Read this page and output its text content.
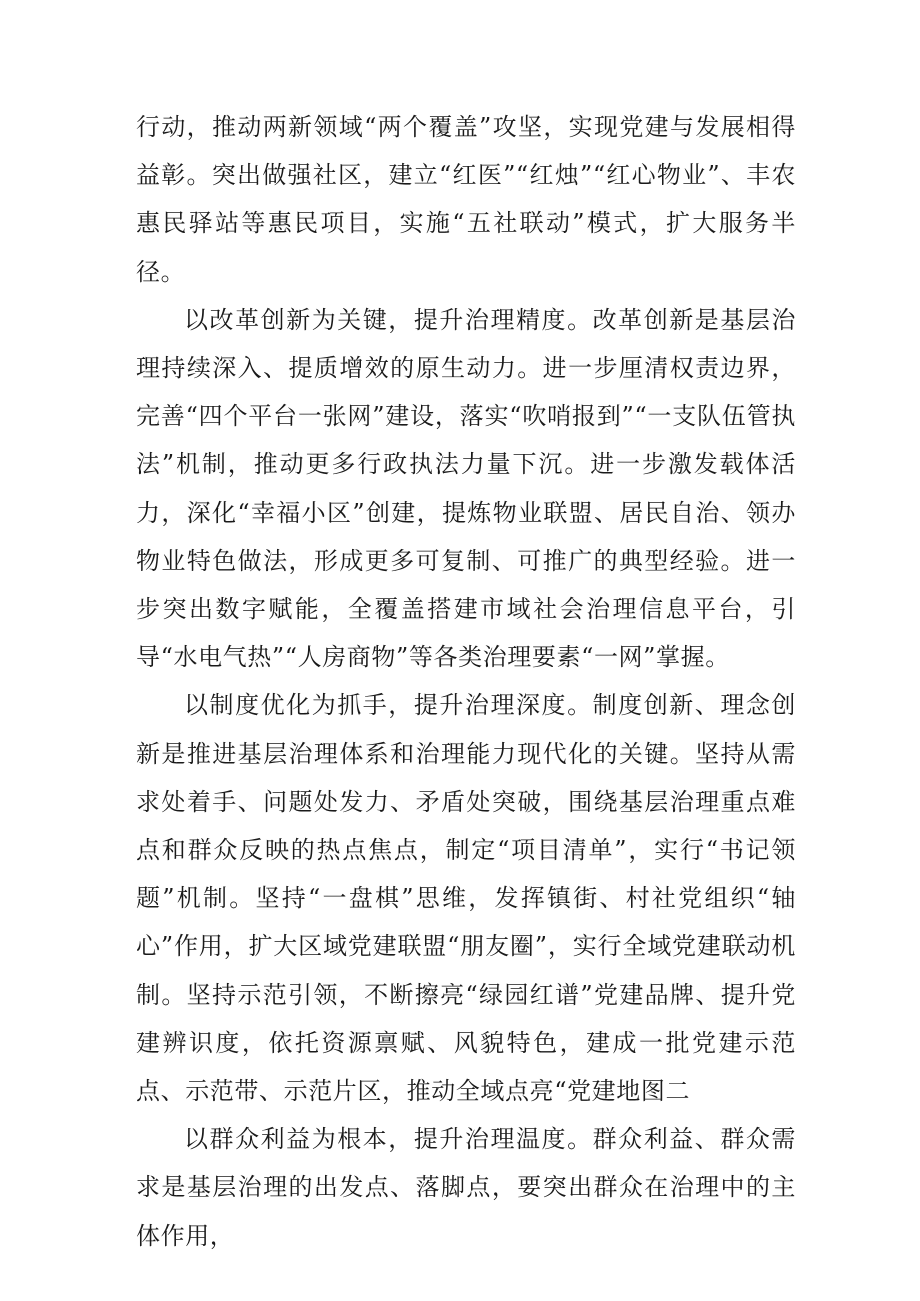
行动，推动两新领域“两个覆盖”攻坚，实现党建与发展相得益彰。突出做强社区，建立“红医”“红烛”“红心物业”、丰农惠民驿站等惠民项目，实施“五社联动”模式，扩大服务半径。

以改革创新为关键，提升治理精度。改革创新是基层治理持续深入、提质增效的原生动力。进一步厘清权责边界，完善“四个平台一张网”建设，落实“吹哨报到”“一支队伍管执法”机制，推动更多行政执法力量下沉。进一步激发载体活力，深化“幸福小区”创建，提炼物业联盟、居民自治、领办物业特色做法，形成更多可复制、可推广的典型经验。进一步突出数字赋能，全覆盖搭建市域社会治理信息平台，引导“水电气热”“人房商物”等各类治理要素“一网”掌握。

以制度优化为抓手，提升治理深度。制度创新、理念创新是推进基层治理体系和治理能力现代化的关键。坚持从需求处着手、问题处发力、矛盾处突破，围绕基层治理重点难点和群众反映的热点焦点，制定“项目清单”，实行“书记领题”机制。坚持“一盘棋”思维，发挥镇街、村社党组织“轴心”作用，扩大区域党建联盟“朋友圈”，实行全域党建联动机制。坚持示范引领，不断擦亮“绿园红谱”党建品牌、提升党建辨识度，依托资源禀赋、风貌特色，建成一批党建示范点、示范带、示范片区，推动全域点亮“党建地图二

以群众利益为根本，提升治理温度。群众利益、群众需求是基层治理的出发点、落脚点，要突出群众在治理中的主体作用，
